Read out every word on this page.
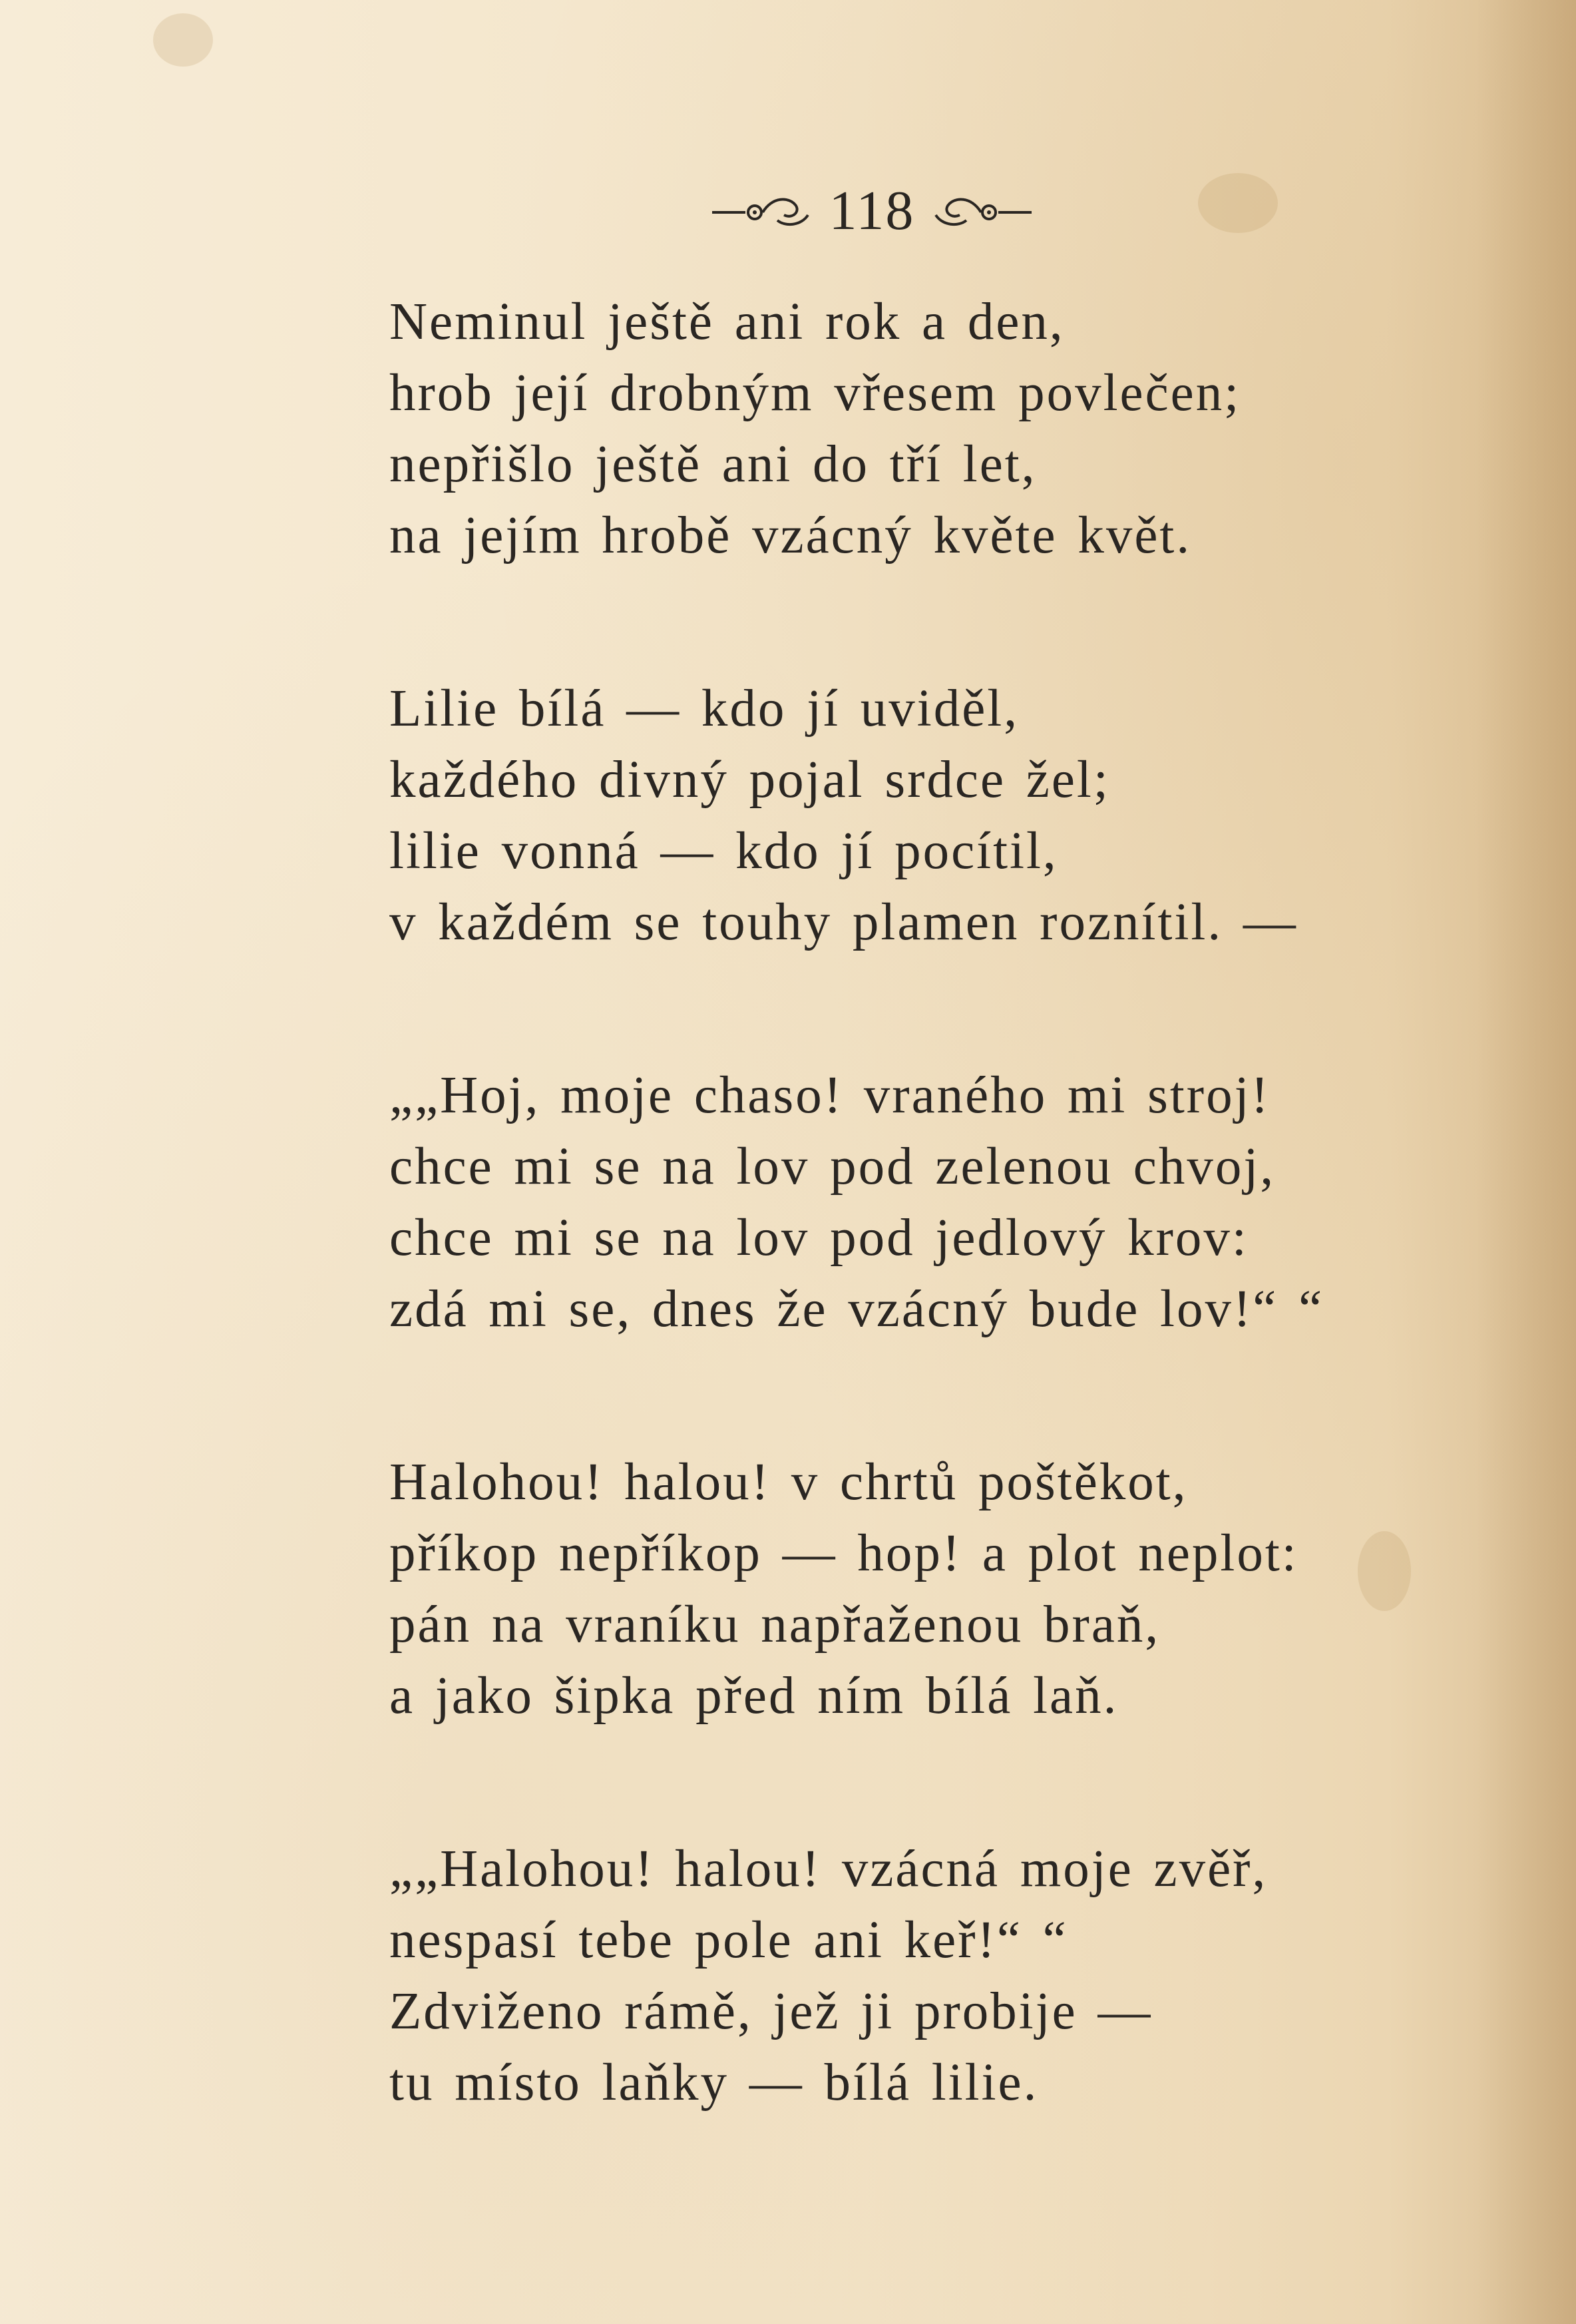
118
Neminul ještě ani rok a den,
hrob její drobným vřesem povlečen;
nepřišlo ještě ani do tří let,
na jejím hrobě vzácný květe květ.
Lilie bílá — kdo jí uviděl,
každého divný pojal srdce žel;
lilie vonná — kdo jí pocítil,
v každém se touhy plamen roznítil. —
„„Hoj, moje chaso! vraného mi stroj!
chce mi se na lov pod zelenou chvoj,
chce mi se na lov pod jedlový krov:
zdá mi se, dnes že vzácný bude lov!“ “
Halohou! halou! v chrtů poštěkot,
příkop nepříkop — hop! a plot neplot:
pán na vraníku napřaženou braň,
a jako šipka před ním bílá laň.
„„Halohou! halou! vzácná moje zvěř,
nespasí tebe pole ani keř!“ “
Zdviženo rámě, jež ji probije —
tu místo laňky — bílá lilie.
